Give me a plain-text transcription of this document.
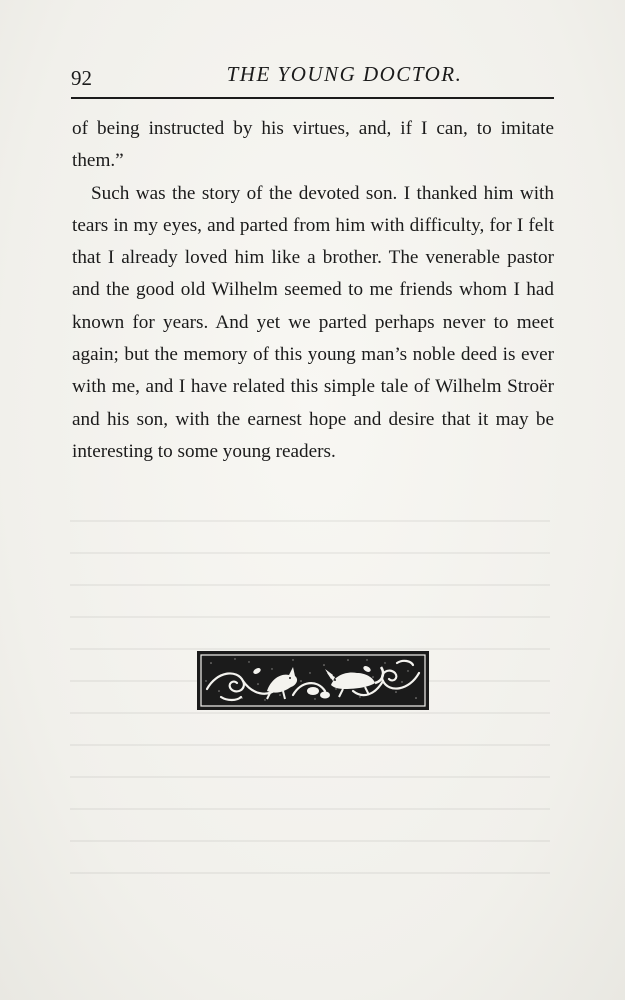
92	THE YOUNG DOCTOR.

of being instructed by his virtues, and, if I can, to imitate them.”

Such was the story of the devoted son. I thanked him with tears in my eyes, and parted from him with difficulty, for I felt that I already loved him like a brother. The venerable pastor and the good old Wilhelm seemed to me friends whom I had known for years. And yet we parted perhaps never to meet again; but the memory of this young man’s noble deed is ever with me, and I have related this simple tale of Wilhelm Stroër and his son, with the earnest hope and desire that it may be interesting to some young readers.
